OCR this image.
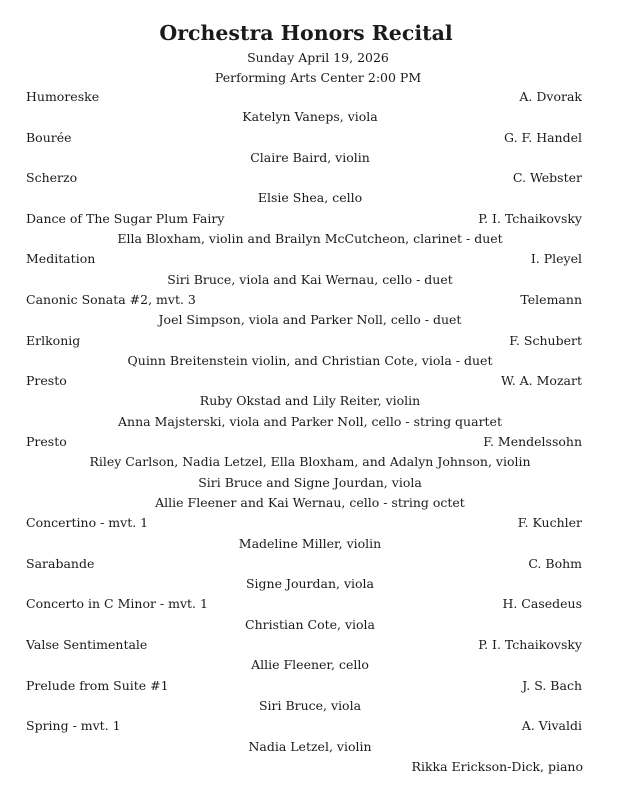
Orchestra Honors Recital
Sunday April 19, 2026
Performing Arts Center 2:00 PM
Humoreske	A. Dvorak
Katelyn Vaneps, viola
Bourée	G. F. Handel
Claire Baird, violin
Scherzo	C. Webster
Elsie Shea, cello
Dance of The Sugar Plum Fairy	P. I. Tchaikovsky
Ella Bloxham, violin and Brailyn McCutcheon, clarinet - duet
Meditation	I. Pleyel
Siri Bruce, viola and Kai Wernau, cello - duet
Canonic Sonata #2, mvt. 3	Telemann
Joel Simpson, viola and Parker Noll, cello - duet
Erlkonig	F. Schubert
Quinn Breitenstein violin, and Christian Cote, viola - duet
Presto	W. A. Mozart
Ruby Okstad and Lily Reiter, violin
Anna Majsterski, viola and Parker Noll, cello - string quartet
Presto	F. Mendelssohn
Riley Carlson, Nadia Letzel, Ella Bloxham, and Adalyn Johnson, violin
Siri Bruce and Signe Jourdan, viola
Allie Fleener and Kai Wernau, cello - string octet
Concertino - mvt. 1	F. Kuchler
Madeline Miller, violin
Sarabande	C. Bohm
Signe Jourdan, viola
Concerto in C Minor - mvt. 1	H. Casedeus
Christian Cote, viola
Valse Sentimentale	P. I. Tchaikovsky
Allie Fleener, cello
Prelude from Suite #1	J. S. Bach
Siri Bruce, viola
Spring - mvt. 1	A. Vivaldi
Nadia Letzel, violin
Rikka Erickson-Dick, piano
